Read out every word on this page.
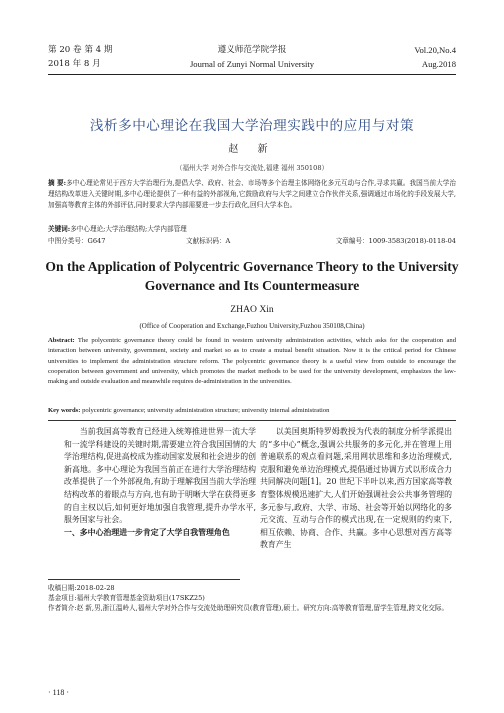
第 20 卷 第 4 期
2018 年 8 月
遵义师范学院学报
Journal of Zunyi Normal University
Vol.20,No.4
Aug.2018
浅析多中心理论在我国大学治理实践中的应用与对策
赵 新
（福州大学 对外合作与交流处,福建 福州 350108）
摘 要:多中心理论常见于西方大学治理行为,提倡大学、政府、社会、市场等多个治理主体网络化多元互动与合作,寻求共赢。我国当前大学治理结构改革进入关键时期,多中心理论提供了一种有益的外部视角,它鼓励政府与大学之间建立合作伙伴关系,强调通过市场化的手段发展大学,加强高等教育主体的外部评估,同时要求大学内部需要进一步去行政化,回归大学本色。
关键词:多中心理论;大学治理结构;大学内部管理
中图分类号：G647	文献标识码：A	文章编号：1009-3583(2018)-0118-04
On the Application of Polycentric Governance Theory to the University Governance and Its Countermeasure
ZHAO Xin
(Office of Cooperation and Exchange,Fuzhou University,Fuzhou 350108,China)
Abstract: The polycentric governance theory could be found in western university administration activities, which asks for the cooperation and interaction between university, government, society and market so as to create a mutual benefit situation. Now it is the critical period for Chinese universities to implement the administration structure reform. The polycentric governance theory is a useful view from outside to encourage the cooperation between government and university, which promotes the market methods to be used for the university development, emphasizes the law-making and outside evaluation and meanwhile requires de-administration in the universities.
Key words: polycentric governance; university administration structure; university internal administration
当前我国高等教育已经进入统筹推进世界一流大学和一流学科建设的关键时期,需要建立符合我国国情的大学治理结构,促进高校成为推动国家发展和社会进步的创新高地。多中心理论为我国当前正在进行大学治理结构改革提供了一个外部视角,有助于理解我国当前大学治理结构改革的着眼点与方向,也有助于明晰大学在获得更多的自主权以后,如何更好地加强自我管理,提升办学水平,服务国家与社会。
一、多中心治理进一步肯定了大学自我管理角色
以美国奥斯特罗姆教授为代表的制度分析学派提出的“多中心”概念,强调公共服务的多元化,并在管理上用普遍联系的观点看问题,采用网状思维和多边治理模式,克服和避免单边治理模式,提倡通过协调方式以形成合力共同解决问题[1]。20 世纪下半叶以来,西方国家高等教育整体规模迅速扩大,人们开始强调社会公共事务管理的多元参与,政府、大学、市场、社会等开始以网络化的多元交流、互动与合作的模式出现,在一定规则的约束下,相互依赖、协商、合作、共赢。多中心思想对西方高等教育产生
收稿日期:2018-02-28
基金项目:福州大学教育管理基金资助项目(17SKZ25)
作者简介:赵 新,男,浙江温岭人,福州大学对外合作与交流处助理研究员(教育管理),硕士。研究方向:高等教育管理,留学生管理,跨文化交际。
· 118 ·
